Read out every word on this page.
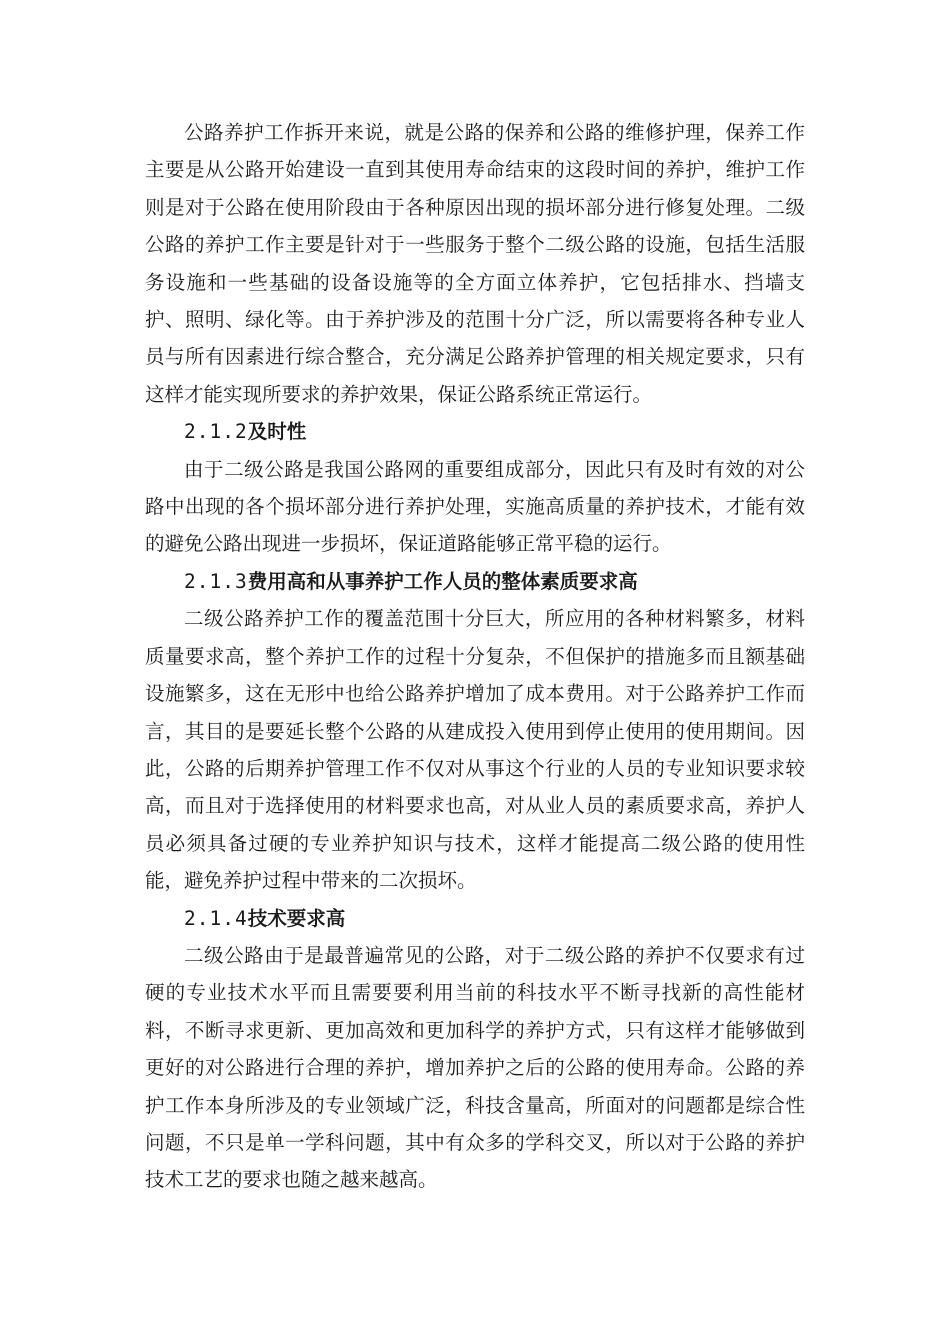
公路养护工作拆开来说，就是公路的保养和公路的维修护理，保养工作主要是从公路开始建设一直到其使用寿命结束的这段时间的养护，维护工作则是对于公路在使用阶段由于各种原因出现的损坏部分进行修复处理。二级公路的养护工作主要是针对于一些服务于整个二级公路的设施，包括生活服务设施和一些基础的设备设施等的全方面立体养护，它包括排水、挡墙支护、照明、绿化等。由于养护涉及的范围十分广泛，所以需要将各种专业人员与所有因素进行综合整合，充分满足公路养护管理的相关规定要求，只有这样才能实现所要求的养护效果，保证公路系统正常运行。

2.1.2及时性

由于二级公路是我国公路网的重要组成部分，因此只有及时有效的对公路中出现的各个损坏部分进行养护处理，实施高质量的养护技术，才能有效的避免公路出现进一步损坏，保证道路能够正常平稳的运行。

2.1.3费用高和从事养护工作人员的整体素质要求高

二级公路养护工作的覆盖范围十分巨大，所应用的各种材料繁多，材料质量要求高，整个养护工作的过程十分复杂，不但保护的措施多而且额基础设施繁多，这在无形中也给公路养护增加了成本费用。对于公路养护工作而言，其目的是要延长整个公路的从建成投入使用到停止使用的使用期间。因此，公路的后期养护管理工作不仅对从事这个行业的人员的专业知识要求较高，而且对于选择使用的材料要求也高，对从业人员的素质要求高，养护人员必须具备过硬的专业养护知识与技术，这样才能提高二级公路的使用性能，避免养护过程中带来的二次损坏。

2.1.4技术要求高

二级公路由于是最普遍常见的公路，对于二级公路的养护不仅要求有过硬的专业技术水平而且需要要利用当前的科技水平不断寻找新的高性能材料，不断寻求更新、更加高效和更加科学的养护方式，只有这样才能够做到更好的对公路进行合理的养护，增加养护之后的公路的使用寿命。公路的养护工作本身所涉及的专业领域广泛，科技含量高，所面对的问题都是综合性问题，不只是单一学科问题，其中有众多的学科交叉，所以对于公路的养护技术工艺的要求也随之越来越高。
